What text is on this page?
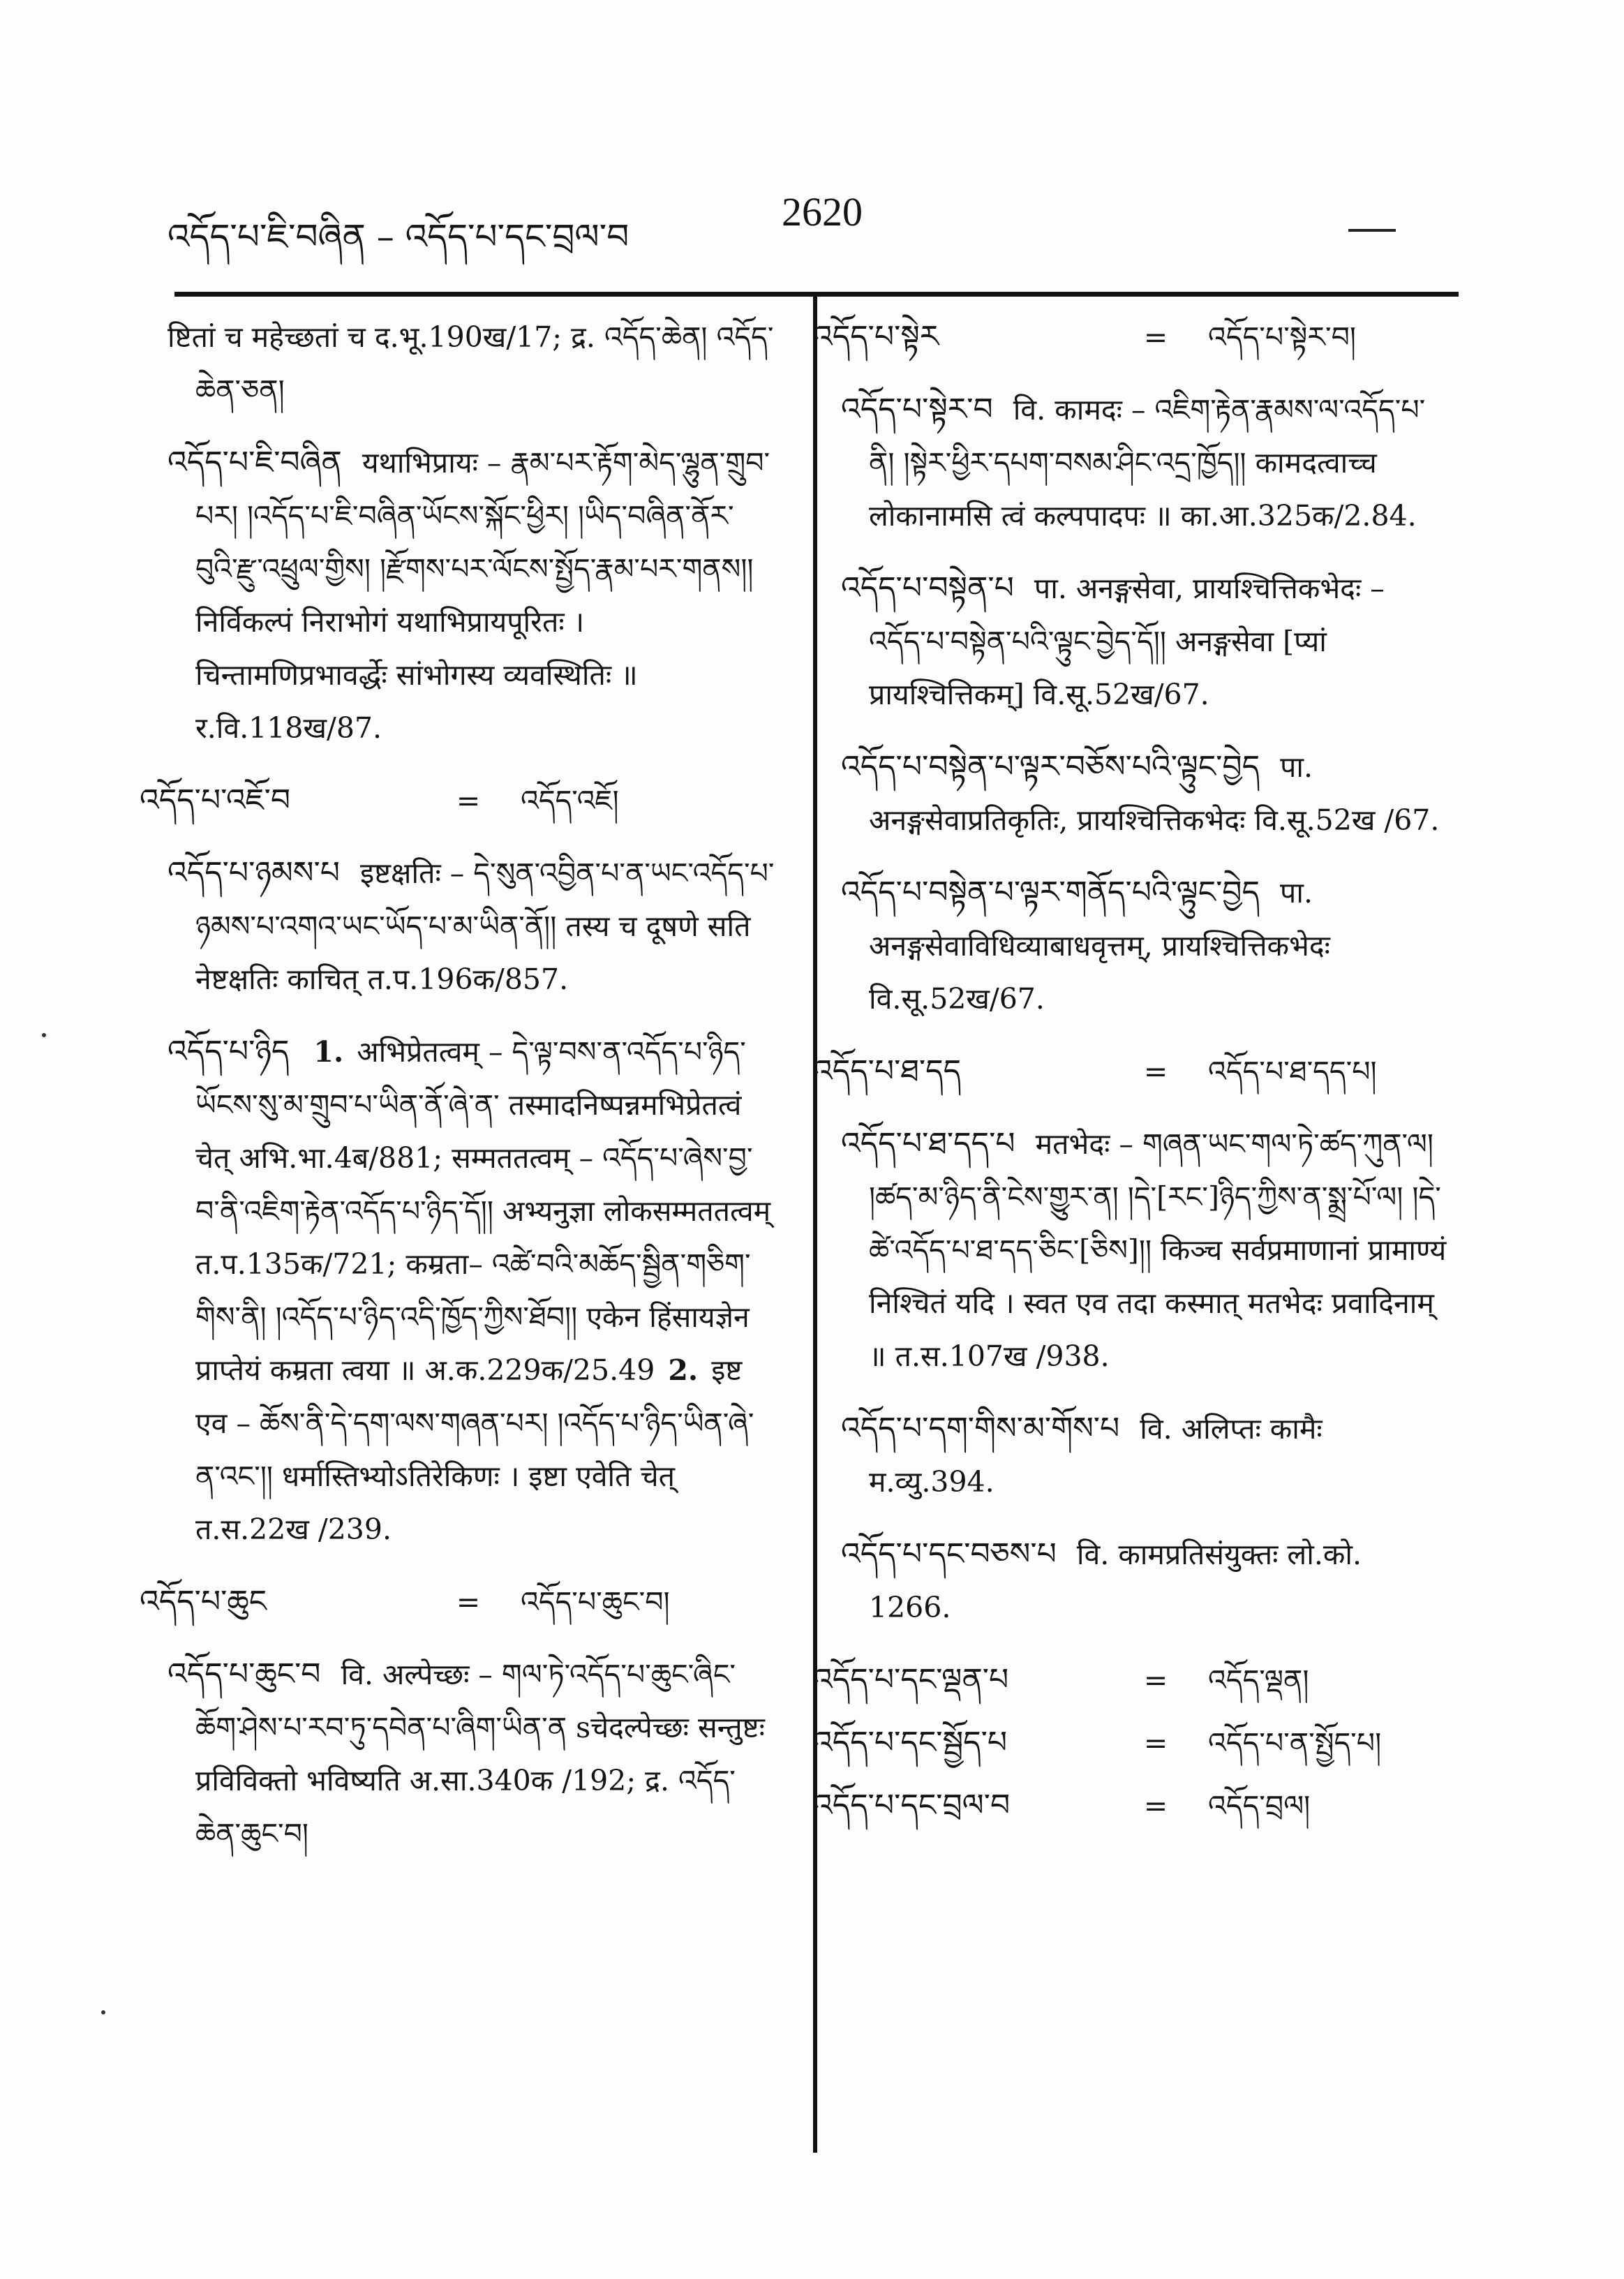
འདོད་པ་ཇི་བཞིན – འདོད་པ་དང་བྲལ་བ
2620

ष्टितां च महेच्छतां च द.भू.190ख/17; द्र. འདོད་ཆེན། འདོད་ཆེན་ཅན།

འདོད་པ་ཇི་བཞིན यथाभिप्रायः – རྣམ་པར་རྟོག་མེད་ལྷུན་གྲུབ་པར། །འདོད་པ་ཇི་བཞིན་ཡོངས་སྐོང་ཕྱིར། །ཡིད་བཞིན་ནོར་བུའི་རྫུ་འཕྲུལ་གྱིས། །རྫོགས་པར་ལོངས་སྤྱོད་རྣམ་པར་གནས།། निर्विकल्पं निराभोगं यथाभिप्रायपूरितः । चिन्तामणिप्रभावर्द्धेः सांभोगस्य व्यवस्थितिः ॥ र.वि.118ख/87.

འདོད་པ་འཇོ་བ	= འདོད་འཇོ།

འདོད་པ་ཉམས་པ इष्टक्षतिः – དེ་སུན་འབྱིན་པ་ན་ཡང་འདོད་པ་ཉམས་པ་འགའ་ཡང་ཡོད་པ་མ་ཡིན་ནོ།། तस्य च दूषणे सति नेष्टक्षतिः काचित् त.प.196क/857.

འདོད་པ་ཉིད 1. अभिप्रेतत्वम् – དེ་ལྟ་བས་ན་འདོད་པ་ཉིད་ཡོངས་སུ་མ་གྲུབ་པ་ཡིན་ནོ་ཞེ་ན་ तस्मादनिष्पन्नमभिप्रेतत्वं चेत् अभि.भा.4ब/881; सम्मततत्वम् – འདོད་པ་ཞེས་བྱ་བ་ནི་འཇིག་རྟེན་འདོད་པ་ཉིད་དོ།། अभ्यनुज्ञा लोकसम्मततत्वम् त.प.135क/721; कम्रता– འཚེ་བའི་མཆོད་སྦྱིན་གཅིག་གིས་ནི། །འདོད་པ་ཉིད་འདི་ཁྱོད་ཀྱིས་ཐོབ།། एकेन हिंसायज्ञेन प्राप्तेयं कम्रता त्वया ॥ अ.क.229क/25.49 2. इष्ट एव – ཆོས་ནི་དེ་དག་ལས་གཞན་པར། །འདོད་པ་ཉིད་ཡིན་ཞེ་ན་འང་།། धर्मास्तिभ्योऽतिरेकिणः । इष्टा एवेति चेत् त.स.22ख /239.

འདོད་པ་ཆུང	= འདོད་པ་ཆུང་བ།

འདོད་པ་ཆུང་བ वि. अल्पेच्छः – གལ་ཏེ་འདོད་པ་ཆུང་ཞིང་ཆོག་ཤེས་པ་རབ་ཏུ་དབེན་པ་ཞིག་ཡིན་ན sचेदल्पेच्छः सन्तुष्टः प्रविविक्तो भविष्यति अ.सा.340क /192; द्र. འདོད་ཆེན་ཆུང་བ།

འདོད་པ་སྟེར	= འདོད་པ་སྟེར་བ།

འདོད་པ་སྟེར་བ वि. कामदः – འཇིག་རྟེན་རྣམས་ལ་འདོད་པ་ནི། །སྟེར་ཕྱིར་དཔག་བསམ་ཤིང་འདྲ་ཁྱོད།། कामदत्वाच्च लोकानामसि त्वं कल्पपादपः ॥ का.आ.325क/2.84.

འདོད་པ་བསྟེན་པ पा. अनङ्गसेवा, प्रायश्चित्तिकभेदः – འདོད་པ་བསྟེན་པའི་ལྟུང་བྱེད་དོ།། अनङ्गसेवा [प्यां प्रायश्चित्तिकम्] वि.सू.52ख/67.

འདོད་པ་བསྟེན་པ་ལྟར་བཅོས་པའི་ལྟུང་བྱེད पा. अनङ्गसेवाप्रतिकृतिः, प्रायश्चित्तिकभेदः वि.सू.52ख /67.

འདོད་པ་བསྟེན་པ་ལྟར་གནོད་པའི་ལྟུང་བྱེད पा. अनङ्गसेवाविधिव्याबाधवृत्तम्, प्रायश्चित्तिकभेदः वि.सू.52ख/67.

འདོད་པ་ཐ་དད	= འདོད་པ་ཐ་དད་པ།

འདོད་པ་ཐ་དད་པ मतभेदः – གཞན་ཡང་གལ་ཏེ་ཚད་ཀུན་ལ། །ཚད་མ་ཉིད་ནི་ངེས་གྱུར་ན། །དེ་[རང་]ཉིད་ཀྱིས་ན་སྨྲ་པོ་ལ། །དེ་ཚེ་འདོད་པ་ཐ་དད་ཅིང་[ཅིས]།། किञ्च सर्वप्रमाणानां प्रामाण्यं निश्चितं यदि । स्वत एव तदा कस्मात् मतभेदः प्रवादिनाम् ॥ त.स.107ख /938.

འདོད་པ་དག་གིས་མ་གོས་པ वि. अलिप्तः कामैः म.व्यु.394.

འདོད་པ་དང་བཅས་པ वि. कामप्रतिसंयुक्तः लो.को. 1266.

འདོད་པ་དང་ལྡན་པ	= འདོད་ལྡན།

འདོད་པ་དང་སྦྱོད་པ	= འདོད་པ་ན་སྤྱོད་པ།

འདོད་པ་དང་བྲལ་བ	= འདོད་བྲལ།
